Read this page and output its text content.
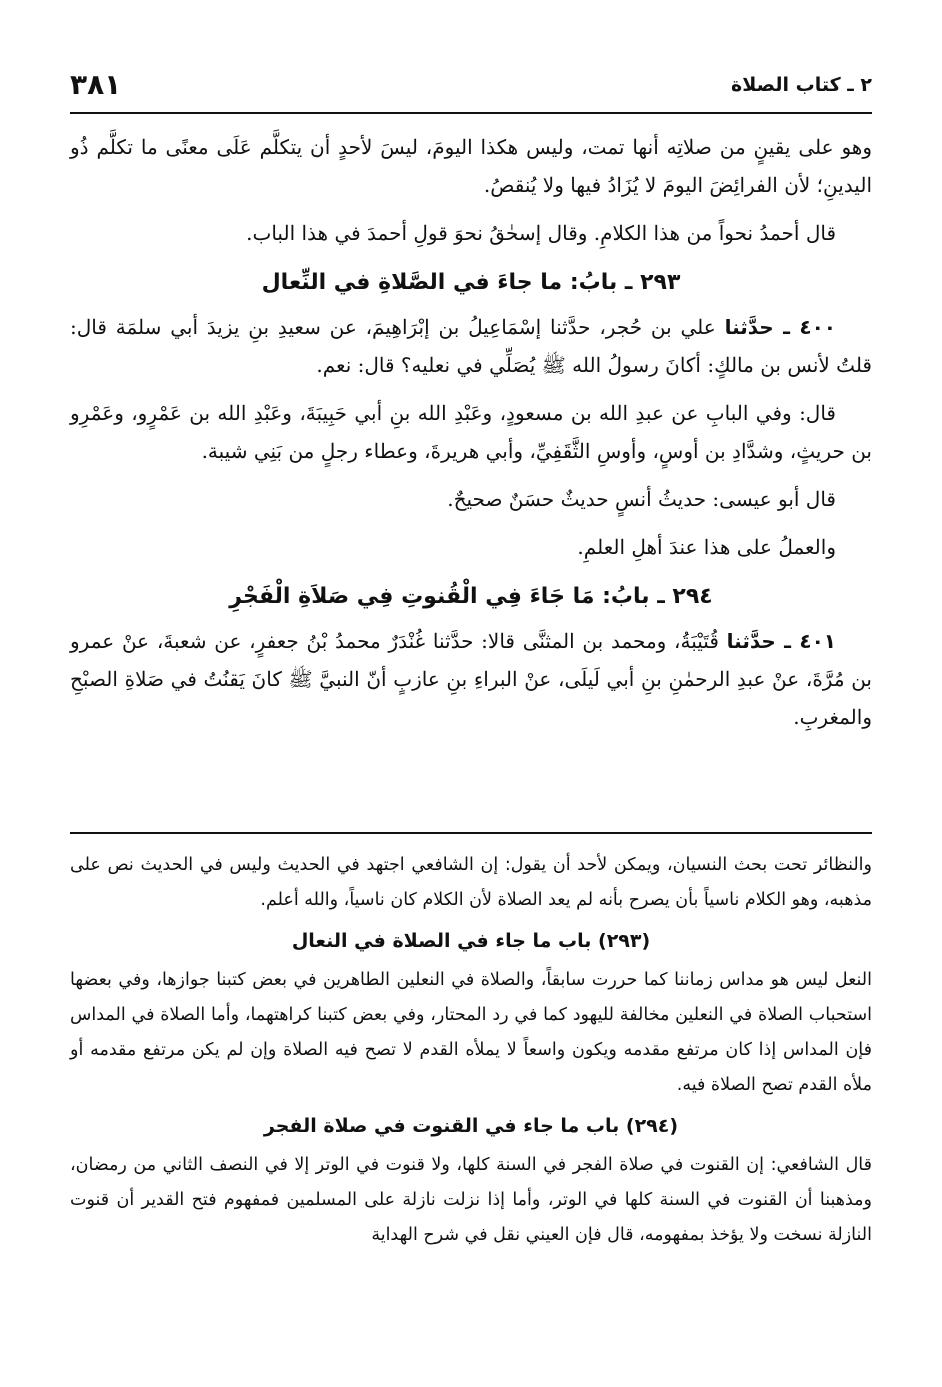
٢ ـ كتاب الصلاة
٣٨١

وهو على يقينٍ من صلاتِه أنها تمت، وليس هكذا اليومَ، ليسَ لأحدٍ أن يتكلَّم عَلَى معنًى ما تكلَّم ذُو اليدينِ؛ لأن الفرائِضَ اليومَ لا يُزَادُ فيها ولا يُنقصُ.

قال أحمدُ نحواً من هذا الكلامِ. وقال إسحٰقُ نحوَ قولِ أحمدَ في هذا الباب.

٢٩٣ ـ بابُ: ما جاءَ في الصَّلاةِ في النِّعال

٤٠٠ ـ حدَّثنا علي بن حُجر، حدَّثنا إسْمَاعِيلُ بن إبْرَاهِيمَ، عن سعيدِ بنِ يزيدَ أبي سلمَة قال: قلتُ لأنس بن مالكٍ: أكانَ رسولُ الله ﷺ يُصَلِّي في نعليه؟ قال: نعم.

قال: وفي البابِ عن عبدِ الله بن مسعودٍ، وعَبْدِ الله بنِ أبي حَبِيبَةَ، وعَبْدِ الله بن عَمْرٍو، وعَمْرِو بن حريثٍ، وشدَّادِ بن أوسٍ، وأوسِ الثَّقَفِيِّ، وأبي هريرةَ، وعطاء رجلٍ من بَنِي شيبة.

قال أبو عيسى: حديثُ أنسٍ حديثٌ حسَنٌ صحيحٌ.

والعملُ على هذا عندَ أهلِ العلمِ.

٢٩٤ ـ بابُ: مَا جَاءَ فِي الْقُنوتِ فِي صَلاَةِ الْفَجْرِ

٤٠١ ـ حدَّثنا قُتَيْبَةُ، ومحمد بن المثنَّى قالا: حدَّثنا غُنْدَرٌ محمدُ بْنُ جعفرٍ، عن شعبةَ، عنْ عمرو بن مُرَّةَ، عنْ عبدِ الرحمٰنِ بنِ أبي لَيلَى، عنْ البراءِ بنِ عازبٍ أنّ النبيَّ ﷺ كانَ يَقنُتُ في صَلاةِ الصبْحِ والمغربِ.

والنظائر تحت بحث النسيان، ويمكن لأحد أن يقول: إن الشافعي اجتهد في الحديث وليس في الحديث نص على مذهبه، وهو الكلام ناسياً بأن يصرح بأنه لم يعد الصلاة لأن الكلام كان ناسياً، والله أعلم.

(٢٩٣) باب ما جاء في الصلاة في النعال

النعل ليس هو مداس زماننا كما حررت سابقاً، والصلاة في النعلين الطاهرين في بعض كتبنا جوازها، وفي بعضها استحباب الصلاة في النعلين مخالفة لليهود كما في رد المحتار، وفي بعض كتبنا كراهتهما، وأما الصلاة في المداس فإن المداس إذا كان مرتفع مقدمه ويكون واسعاً لا يملأه القدم لا تصح فيه الصلاة وإن لم يكن مرتفع مقدمه أو ملأه القدم تصح الصلاة فيه.

(٢٩٤) باب ما جاء في القنوت في صلاة الفجر

قال الشافعي: إن القنوت في صلاة الفجر في السنة كلها، ولا قنوت في الوتر إلا في النصف الثاني من رمضان، ومذهبنا أن القنوت في السنة كلها في الوتر، وأما إذا نزلت نازلة على المسلمين فمفهوم فتح القدير أن قنوت النازلة نسخت ولا يؤخذ بمفهومه، قال فإن العيني نقل في شرح الهداية
